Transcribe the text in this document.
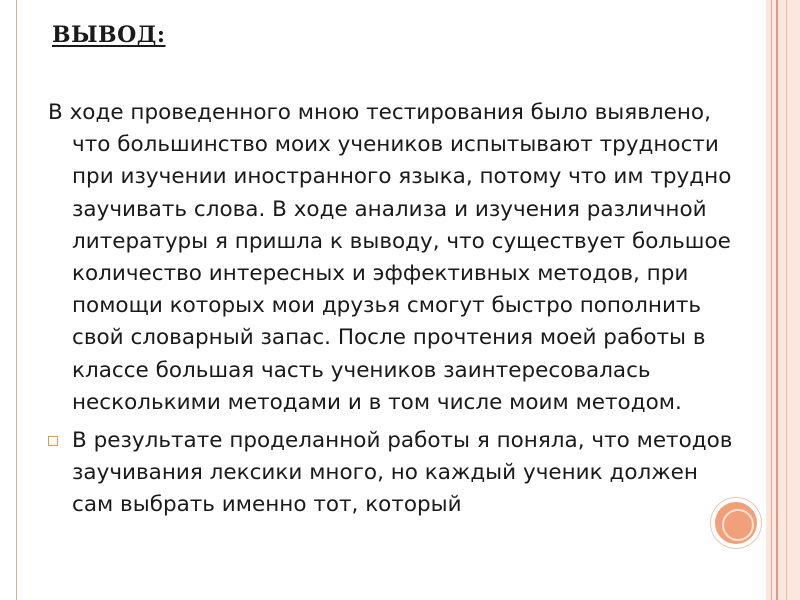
ВЫВОД:

В ходе проведенного мною тестирования было выявлено, что большинство моих учеников испытывают трудности при изучении иностранного языка, потому что им трудно заучивать слова. В ходе анализа и изучения различной литературы я пришла к выводу, что существует большое количество интересных и эффективных методов, при помощи которых мои друзья смогут быстро пополнить свой словарный запас. После прочтения моей работы в классе большая часть учеников заинтересовалась несколькими методами и в том числе моим методом.

В результате проделанной работы я поняла, что методов заучивания лексики много, но каждый ученик должен сам выбрать именно тот, который
